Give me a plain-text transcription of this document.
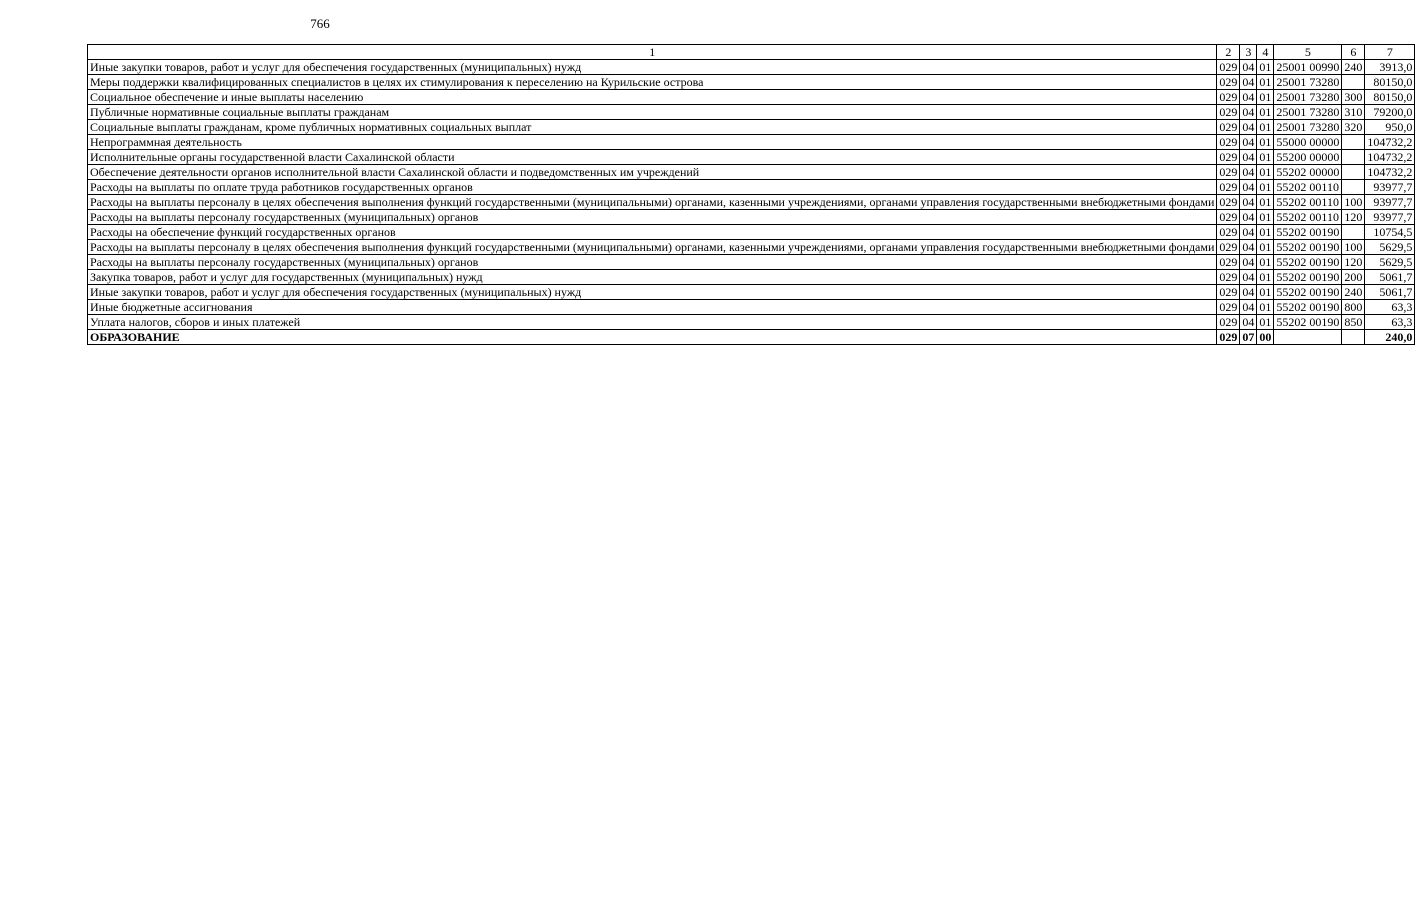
766
1	2	3	4	5	6	7
Иные закупки товаров, работ и услуг для обеспечения государственных (муниципальных) нужд	029	04	01	25001 00990	240	3913,0
Меры поддержки квалифицированных специалистов в целях их стимулирования к переселению на Курильские острова	029	04	01	25001 73280		80150,0
Социальное обеспечение и иные выплаты населению	029	04	01	25001 73280	300	80150,0
Публичные нормативные социальные выплаты гражданам	029	04	01	25001 73280	310	79200,0
Социальные выплаты гражданам, кроме публичных нормативных социальных выплат	029	04	01	25001 73280	320	950,0
Непрограммная деятельность	029	04	01	55000 00000		104732,2
Исполнительные органы государственной власти Сахалинской области	029	04	01	55200 00000		104732,2
Обеспечение деятельности органов исполнительной власти Сахалинской области и подведомственных им учреждений	029	04	01	55202 00000		104732,2
Расходы на выплаты по оплате труда работников государственных органов	029	04	01	55202 00110		93977,7
Расходы на выплаты персоналу в целях обеспечения выполнения функций государственными (муниципальными) органами, казенными учреждениями, органами управления государственными внебюджетными фондами	029	04	01	55202 00110	100	93977,7
Расходы на выплаты персоналу государственных (муниципальных) органов	029	04	01	55202 00110	120	93977,7
Расходы на обеспечение функций государственных органов	029	04	01	55202 00190		10754,5
Расходы на выплаты персоналу в целях обеспечения выполнения функций государственными (муниципальными) органами, казенными учреждениями, органами управления государственными внебюджетными фондами	029	04	01	55202 00190	100	5629,5
Расходы на выплаты персоналу государственных (муниципальных) органов	029	04	01	55202 00190	120	5629,5
Закупка товаров, работ и услуг для государственных (муниципальных) нужд	029	04	01	55202 00190	200	5061,7
Иные закупки товаров, работ и услуг для обеспечения государственных (муниципальных) нужд	029	04	01	55202 00190	240	5061,7
Иные бюджетные ассигнования	029	04	01	55202 00190	800	63,3
Уплата налогов, сборов и иных платежей	029	04	01	55202 00190	850	63,3
ОБРАЗОВАНИЕ	029	07	00			240,0
